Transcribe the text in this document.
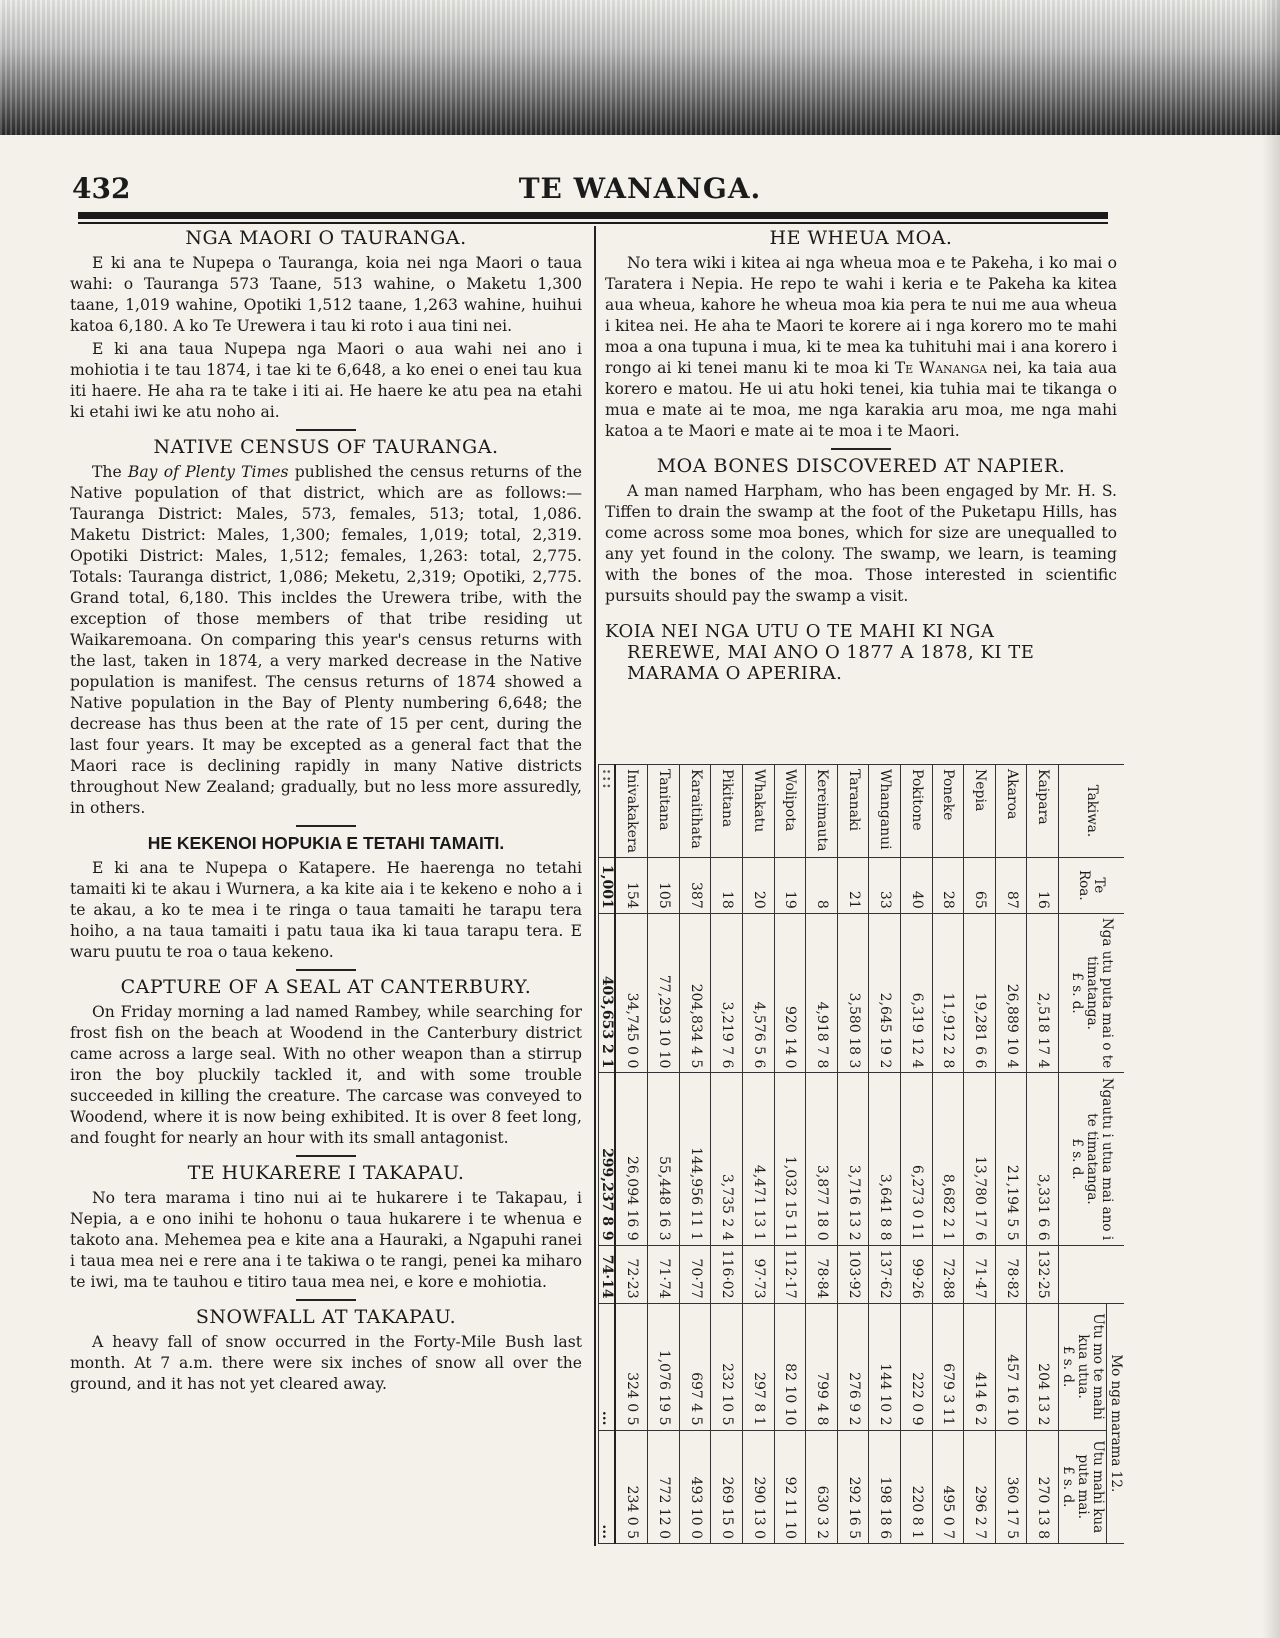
432	TE WANANGA.
NGA MAORI O TAURANGA.

E ki ana te Nupepa o Tauranga, koia nei nga Maori o taua wahi: o Tauranga 573 Taane, 513 wahine, o Maketu 1,300 taane, 1,019 wahine, Opotiki 1,512 taane, 1,263 wahine, huihui katoa 6,180. A ko Te Urewera i tau ki roto i aua tini nei.

E ki ana taua Nupepa nga Maori o aua wahi nei ano i mohiotia i te tau 1874, i tae ki te 6,648, a ko enei o enei tau kua iti haere. He aha ra te take i iti ai. He haere ke atu pea na etahi ki etahi iwi ke atu noho ai.

NATIVE CENSUS OF TAURANGA.

The Bay of Plenty Times published the census returns of the Native population of that district, which are as follows:—Tauranga District: Males, 573, females, 513; total, 1,086. Maketu District: Males, 1,300; females, 1,019; total, 2,319. Opotiki District: Males, 1,512; females, 1,263: total, 2,775. Totals: Tauranga district, 1,086; Meketu, 2,319; Opotiki, 2,775. Grand total, 6,180. This incldes the Urewera tribe, with the exception of those members of that tribe residing ut Waikaremoana. On comparing this year's census returns with the last, taken in 1874, a very marked decrease in the Native population is manifest. The census returns of 1874 showed a Native population in the Bay of Plenty numbering 6,648; the decrease has thus been at the rate of 15 per cent, during the last four years. It may be excepted as a general fact that the Maori race is declining rapidly in many Native districts throughout New Zealand; gradually, but no less more assuredly, in others.

HE KEKENOI HOPUKIA E TETAHI TAMAITI.

E ki ana te Nupepa o Katapere. He haerenga no tetahi tamaiti ki te akau i Wurnera, a ka kite aia i te kekeno e noho a i te akau, a ko te mea i te ringa o taua tamaiti he tarapu tera hoiho, a na taua tamaiti i patu taua ika ki taua tarapu tera. E waru puutu te roa o taua kekeno.

CAPTURE OF A SEAL AT CANTERBURY.

On Friday morning a lad named Rambey, while searching for frost fish on the beach at Woodend in the Canterbury district came across a large seal. With no other weapon than a stirrup iron the boy pluckily tackled it, and with some trouble succeeded in killing the creature. The carcase was conveyed to Woodend, where it is now being exhibited. It is over 8 feet long, and fought for nearly an hour with its small antagonist.

TE HUKARERE I TAKAPAU.

No tera marama i tino nui ai te hukarere i te Takapau, i Nepia, a e ono inihi te hohonu o taua hukarere i te whenua e takoto ana. Mehemea pea e kite ana a Hauraki, a Ngapuhi ranei i taua mea nei e rere ana i te takiwa o te rangi, penei ka miharo te iwi, ma te tauhou e titiro taua mea nei, e kore e mohiotia.

SNOWFALL AT TAKAPAU.

A heavy fall of snow occurred in the Forty-Mile Bush last month. At 7 a.m. there were six inches of snow all over the ground, and it has not yet cleared away.

HE WHEUA MOA.

No tera wiki i kitea ai nga wheua moa e te Pakeha, i ko mai o Taratera i Nepia. He repo te wahi i keria e te Pakeha ka kitea aua wheua, kahore he wheua moa kia pera te nui me aua wheua i kitea nei. He aha te Maori te korere ai i nga korero mo te mahi moa a ona tupuna i mua, ki te mea ka tuhituhi mai i ana korero i rongo ai ki tenei manu ki te moa ki Te Wananga nei, ka taia aua korero e matou. He ui atu hoki tenei, kia tuhia mai te tikanga o mua e mate ai te moa, me nga karakia aru moa, me nga mahi katoa a te Maori e mate ai te moa i te Maori.

MOA BONES DISCOVERED AT NAPIER.

A man named Harpham, who has been engaged by Mr. H. S. Tiffen to drain the swamp at the foot of the Puketapu Hills, has come across some moa bones, which for size are unequalled to any yet found in the colony. The swamp, we learn, is teaming with the bones of the moa. Those interested in scientific pursuits should pay the swamp a visit.

KOIA NEI NGA UTU O TE MAHI KI NGA
REREWE, MAI ANO O 1877 A 1878, KI TE
MARAMA O APERIRA.
Takiwa.	Te Roa.	Nga utu puta mai o te timatanga.
£ s. d.	Ngautu i utua mai ano i te timatanga.
£ s. d.		Mo nga marama 12.	
					Utu mo te mahi kua utua.
£ s. d.	Utu mahi kua puta mai.
£ s. d.
Kaipara	16	2,518 17 4	3,331 6 6	132·25	204 13 2	270 13 8
Akaroa	87	26,889 10 4	21,194 5 5	78·82	457 16 10	360 17 5
Nepia	65	19,281 6 6	13,780 17 6	71·47	414 6 2	296 2 7
Poneke	28	11,912 2 8	8,682 2 1	72·88	679 3 11	495 0 7
Pokitone	40	6,319 12 4	6,273 0 11	99·26	222 0 9	220 8 1
Whanganui	33	2,645 19 2	3,641 8 8	137·62	144 10 2	198 18 6
Taranaki	21	3,580 18 3	3,716 13 2	103·92	276 9 2	292 16 5
Kereimauta	8	4,918 7 8	3,877 18 0	78·84	799 4 8	630 3 2
Wolipota	19	920 14 0	1,032 15 11	112·17	82 10 10	92 11 10
Whakatu	20	4,576 5 6	4,471 13 1	97·73	297 8 1	290 13 0
Pikitana	18	3,219 7 6	3,735 2 4	116·02	232 10 5	269 15 0
Karaitihata	387	204,834 4 5	144,956 11 1	70·77	697 4 5	493 10 0
Tanitana	105	77,293 10 10	55,448 16 3	71·74	1,076 19 5	772 12 0
Inivakakera	154	34,745 0 0	26,094 16 9	72·23	324 0 5	234 0 5
:::	1,001	403,653 2 1	299,237 8 9	74·14	...	...
